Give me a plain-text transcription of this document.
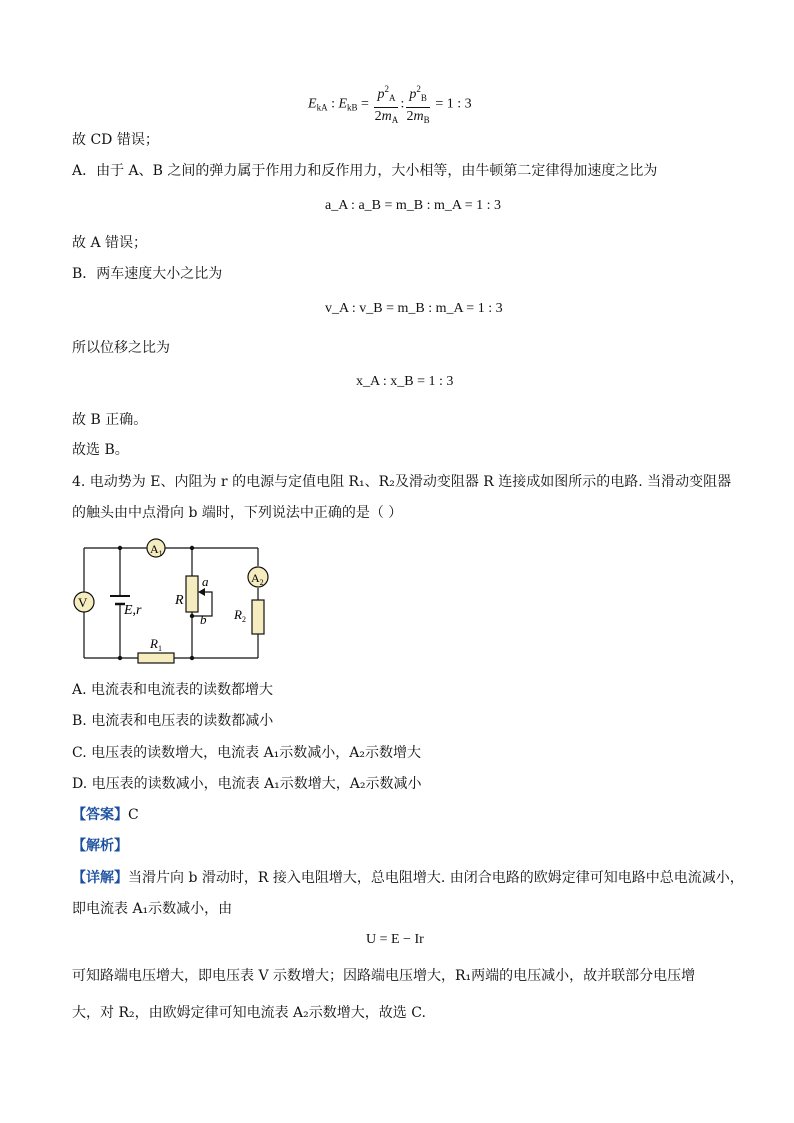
$E_{kA}$ : $E_{kB} = \frac{p^2_A}{2m_A}$ : $\frac{p^2_B}{2m_B} = 1$ : 3
故 CD 错误；
A．由于 A、B 之间的弹力属于作用力和反作用力，大小相等，由牛顿第二定律得加速度之比为
a_A : a_B = m_B : m_A = 1 : 3
故 A 错误；
B．两车速度大小之比为
v_A : v_B = m_B : m_A = 1 : 3
所以位移之比为
x_A : x_B = 1 : 3
故 B 正确。
故选 B。
4. 电动势为 E、内阻为 r 的电源与定值电阻 R₁、R₂及滑动变阻器 R 连接成如图所示的电路. 当滑动变阻器
的触头由中点滑向 b 端时，下列说法中正确的是（ ）
V
$A_1$
$A_2$
E,r
R
a
b
$R_1$
$R_2$
A. 电流表和电流表的读数都增大
B. 电流表和电压表的读数都减小
C. 电压表的读数增大，电流表 A₁示数减小，A₂示数增大
D. 电压表的读数减小，电流表 A₁示数增大，A₂示数减小
【答案】C
【解析】
【详解】当滑片向 b 滑动时，R 接入电阻增大，总电阻增大. 由闭合电路的欧姆定律可知电路中总电流减小，
即电流表 A₁示数减小，由
U = E − Ir
可知路端电压增大，即电压表 V 示数增大；因路端电压增大，R₁两端的电压减小，故并联部分电压增
大，对 R₂，由欧姆定律可知电流表 A₂示数增大，故选 C.
